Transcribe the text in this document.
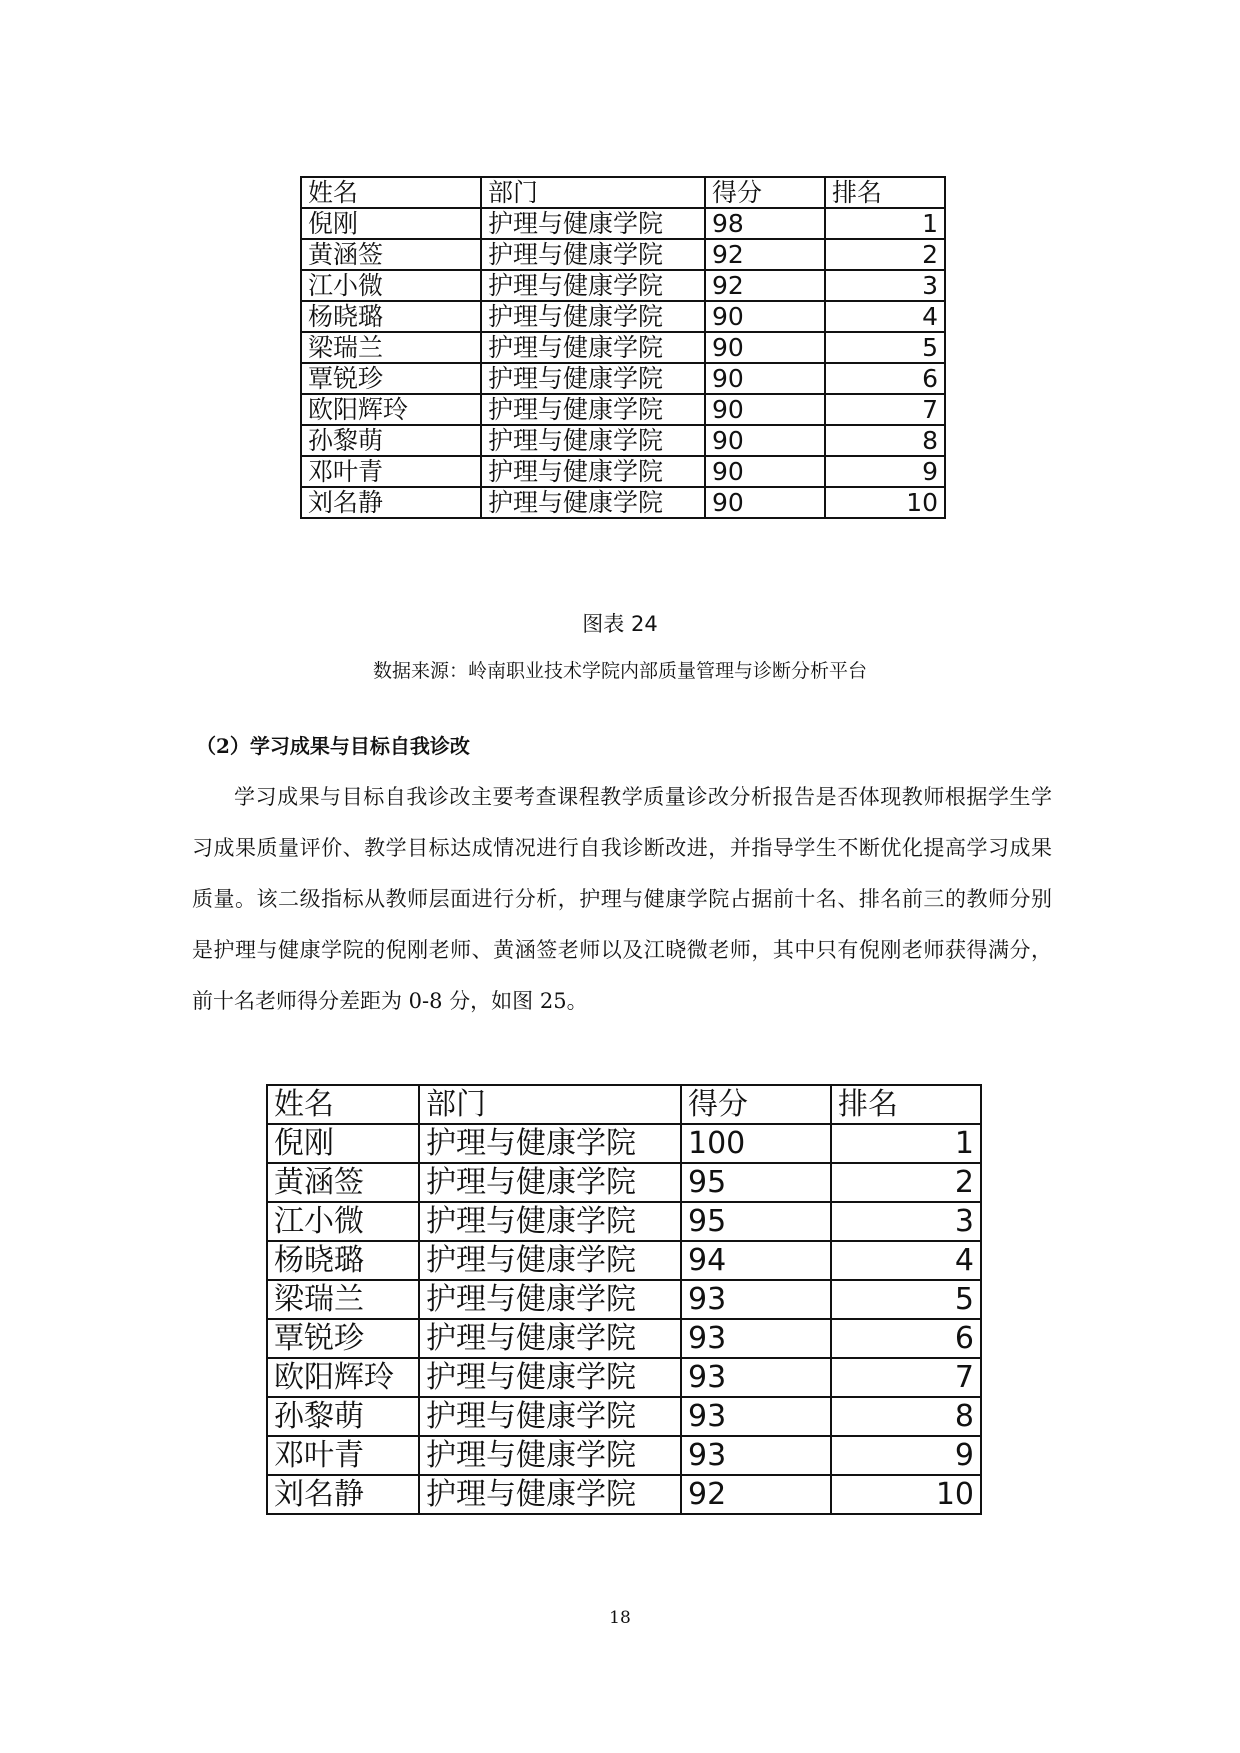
姓名	部门	得分	排名
倪刚	护理与健康学院	98	1
黄涵签	护理与健康学院	92	2
江小微	护理与健康学院	92	3
杨晓璐	护理与健康学院	90	4
梁瑞兰	护理与健康学院	90	5
覃锐珍	护理与健康学院	90	6
欧阳辉玲	护理与健康学院	90	7
孙黎萌	护理与健康学院	90	8
邓叶青	护理与健康学院	90	9
刘名静	护理与健康学院	90	10
图表 24
数据来源：岭南职业技术学院内部质量管理与诊断分析平台
（2）学习成果与目标自我诊改

学习成果与目标自我诊改主要考查课程教学质量诊改分析报告是否体现教师根据学生学习成果质量评价、教学目标达成情况进行自我诊断改进，并指导学生不断优化提高学习成果质量。该二级指标从教师层面进行分析，护理与健康学院占据前十名、排名前三的教师分别是护理与健康学院的倪刚老师、黄涵签老师以及江晓微老师，其中只有倪刚老师获得满分，前十名老师得分差距为 0-8 分，如图 25。

姓名	部门	得分	排名
倪刚	护理与健康学院	100	1
黄涵签	护理与健康学院	95	2
江小微	护理与健康学院	95	3
杨晓璐	护理与健康学院	94	4
梁瑞兰	护理与健康学院	93	5
覃锐珍	护理与健康学院	93	6
欧阳辉玲	护理与健康学院	93	7
孙黎萌	护理与健康学院	93	8
邓叶青	护理与健康学院	93	9
刘名静	护理与健康学院	92	10
18
